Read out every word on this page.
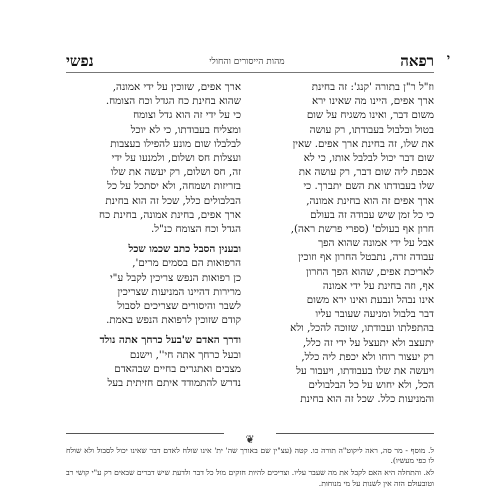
י
רפאה
מהות הייסורים והחולי
נפשי

וז"ל ר"ן בתורה 'קנג': זה בחינת

ארך אפים, היינו מה שאינו ירא

משום דבר, ואינו משגיח על שום

בטול ובלבול בעבודתו, רק עושה

את שלו, זה בחינת ארך אפים. שאין

שום דבר יכול לבלבל אותו, כי לא

אכפת ליה שום דבר, רק עושה את

שלו בעבודתו את השם יתברך. כי

ארך אפים זה הוא בחינת אמונה,

כי כל זמן שיש עבודה זה בעולם

חרון אף בעולם' (ספרי פרשת ראה),

אבל על ידי אמונה שהוא הפך

עבודה זרה, נתבטל החרון אף וזוכין

לאריכת אפים, שהוא הפך החרון

אף, וזה בחינת על ידי אמונה

אינו נבהל ונבעת ואינו ירא משום

דבר בלבול ומניעה שעובר עליו

בהתפלתו ועבודתו, שזוכה להכל, ולא

יתעצב ולא יתעצל על ידי זה כלל,

רק יעצור רוחו ולא יכפת ליה כלל,

ויעשה את שלו בעבודתו, ויעבור על

הכל, ולא יחוש על כל הבלבולים

והמניעות כלל. שכל זה הוא בחינת

ארך אפים, שזוכין על ידי אמונה,

שהוא בחינת כח הגדל וכח הצומח.

כי על ידי זה הוא גדל וצומח

ומצליח בעבודתו, כי לא יוכל

לבלבלו שום מונע להפילו בעצבות

ועצלות חס ושלום, ולמנעו על ידי

זה, חס ושלום, רק יעשה את שלו

בזריזות ושמחה, ולא יסתכל על כל

הבלבולים כלל, שכל זה הוא בחינת

ארך אפים, בחינת אמונה, בחינת כח

הגדל וכח הצומח כנ"ל.

ובענין הסבל כתב שכמו שכל

הרפואות הם בסמים מרים',

כן רפואות הנפש צריכין לקבל ע"י

מרירות דהיינו המניעות שצריכין

לשבר והיסורים שצריכים לסבול

קודם שזוכין לרפואת הנפש באמת.

ודרך האדם ש'בעל כרחך אתה נולד

ובעל כרחך אתה חי'', וישנם

מצבים ואתגרים בחיים שבהאדם

נדרש להתמודד איתם חזיתית בעל

❦

ל. מוסף - מר סה, ראה ליקוט"ה תורה כו. קטה (עצ"ין שם באורך שה' ית' אינו שולח לאדם דבר שאינו יכול לסבול ולא שולח לו כפי מעשיו).

לא. והתחלה היא האם לקבל את מה שעבר עליו. וצריכים להיות חזקים מול כל דבר ולדעת שיש דברים שבאים רק ע"י קושי רב וטובעולם הזה אין לשנות על מי מנוחות.
